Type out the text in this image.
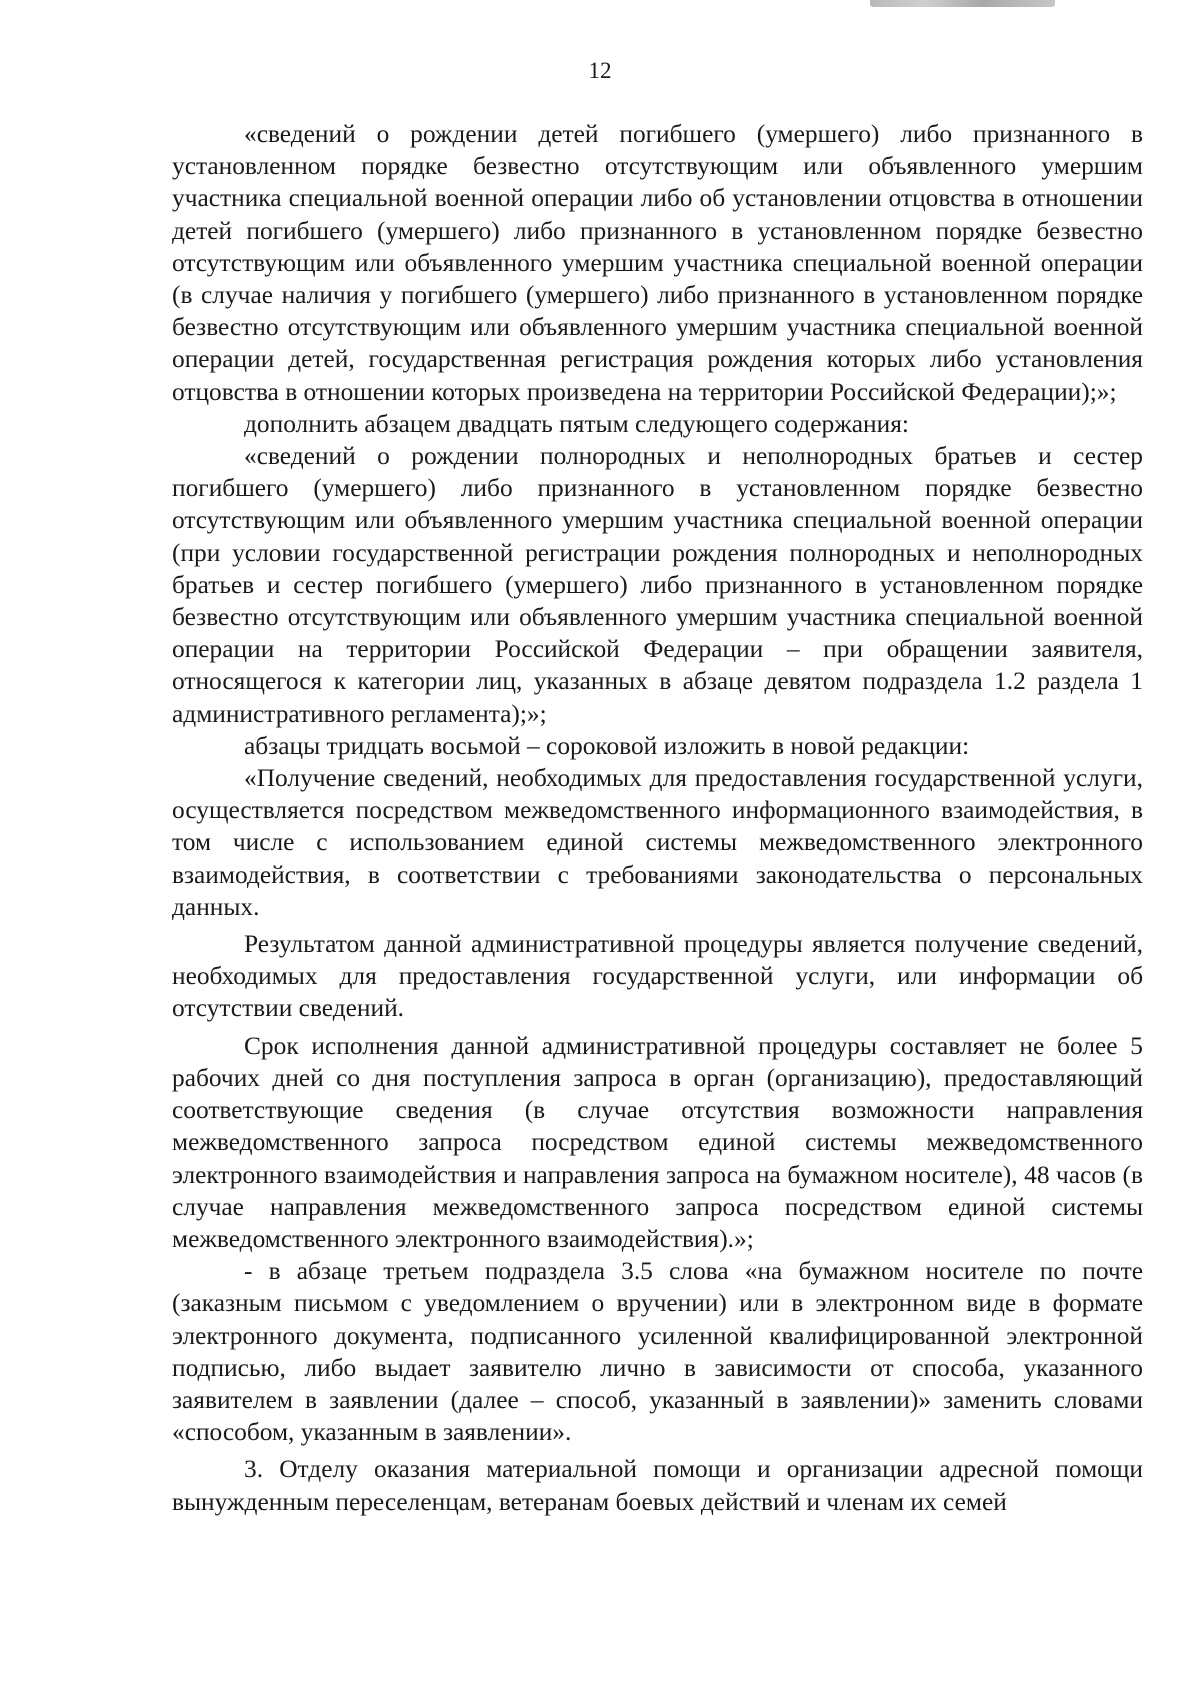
12

«сведений о рождении детей погибшего (умершего) либо признанного в установленном порядке безвестно отсутствующим или объявленного умершим участника специальной военной операции либо об установлении отцовства в отношении детей погибшего (умершего) либо признанного в установленном порядке безвестно отсутствующим или объявленного умершим участника специальной военной операции (в случае наличия у погибшего (умершего) либо признанного в установленном порядке безвестно отсутствующим или объявленного умершим участника специальной военной операции детей, государственная регистрация рождения которых либо установления отцовства в отношении которых произведена на территории Российской Федерации);»;

дополнить абзацем двадцать пятым следующего содержания:

«сведений о рождении полнородных и неполнородных братьев и сестер погибшего (умершего) либо признанного в установленном порядке безвестно отсутствующим или объявленного умершим участника специальной военной операции (при условии государственной регистрации рождения полнородных и неполнородных братьев и сестер погибшего (умершего) либо признанного в установленном порядке безвестно отсутствующим или объявленного умершим участника специальной военной операции на территории Российской Федерации – при обращении заявителя, относящегося к категории лиц, указанных в абзаце девятом подраздела 1.2 раздела 1 административного регламента);»;

абзацы тридцать восьмой – сороковой изложить в новой редакции:

«Получение сведений, необходимых для предоставления государственной услуги, осуществляется посредством межведомственного информационного взаимодействия, в том числе с использованием единой системы межведомственного электронного взаимодействия, в соответствии с требованиями законодательства о персональных данных.

Результатом данной административной процедуры является получение сведений, необходимых для предоставления государственной услуги, или информации об отсутствии сведений.

Срок исполнения данной административной процедуры составляет не более 5 рабочих дней со дня поступления запроса в орган (организацию), предоставляющий соответствующие сведения (в случае отсутствия возможности направления межведомственного запроса посредством единой системы межведомственного электронного взаимодействия и направления запроса на бумажном носителе), 48 часов (в случае направления межведомственного запроса посредством единой системы межведомственного электронного взаимодействия).»;

- в абзаце третьем подраздела 3.5 слова «на бумажном носителе по почте (заказным письмом с уведомлением о вручении) или в электронном виде в формате электронного документа, подписанного усиленной квалифицированной электронной подписью, либо выдает заявителю лично в зависимости от способа, указанного заявителем в заявлении (далее – способ, указанный в заявлении)» заменить словами «способом, указанным в заявлении».

3. Отделу оказания материальной помощи и организации адресной помощи вынужденным переселенцам, ветеранам боевых действий и членам их семей
